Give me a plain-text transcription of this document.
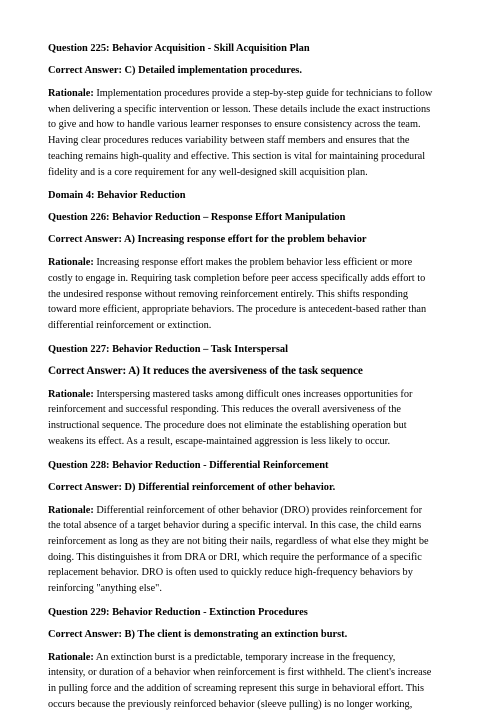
Question 225: Behavior Acquisition - Skill Acquisition Plan
Correct Answer: C) Detailed implementation procedures.
Rationale: Implementation procedures provide a step-by-step guide for technicians to follow
when delivering a specific intervention or lesson. These details include the exact instructions
to give and how to handle various learner responses to ensure consistency across the team.
Having clear procedures reduces variability between staff members and ensures that the
teaching remains high-quality and effective. This section is vital for maintaining procedural
fidelity and is a core requirement for any well-designed skill acquisition plan.
Domain 4: Behavior Reduction
Question 226: Behavior Reduction – Response Effort Manipulation
Correct Answer: A) Increasing response effort for the problem behavior
Rationale: Increasing response effort makes the problem behavior less efficient or more
costly to engage in. Requiring task completion before peer access specifically adds effort to
the undesired response without removing reinforcement entirely. This shifts responding
toward more efficient, appropriate behaviors. The procedure is antecedent-based rather than
differential reinforcement or extinction.
Question 227: Behavior Reduction – Task Interspersal
Correct Answer: A) It reduces the aversiveness of the task sequence
Rationale: Interspersing mastered tasks among difficult ones increases opportunities for
reinforcement and successful responding. This reduces the overall aversiveness of the
instructional sequence. The procedure does not eliminate the establishing operation but
weakens its effect. As a result, escape-maintained aggression is less likely to occur.
Question 228: Behavior Reduction - Differential Reinforcement
Correct Answer: D) Differential reinforcement of other behavior.
Rationale: Differential reinforcement of other behavior (DRO) provides reinforcement for
the total absence of a target behavior during a specific interval. In this case, the child earns
reinforcement as long as they are not biting their nails, regardless of what else they might be
doing. This distinguishes it from DRA or DRI, which require the performance of a specific
replacement behavior. DRO is often used to quickly reduce high-frequency behaviors by
reinforcing "anything else".
Question 229: Behavior Reduction - Extinction Procedures
Correct Answer: B) The client is demonstrating an extinction burst.
Rationale: An extinction burst is a predictable, temporary increase in the frequency,
intensity, or duration of a behavior when reinforcement is first withheld. The client's increase
in pulling force and the addition of screaming represent this surge in behavioral effort. This
occurs because the previously reinforced behavior (sleeve pulling) is no longer working,
